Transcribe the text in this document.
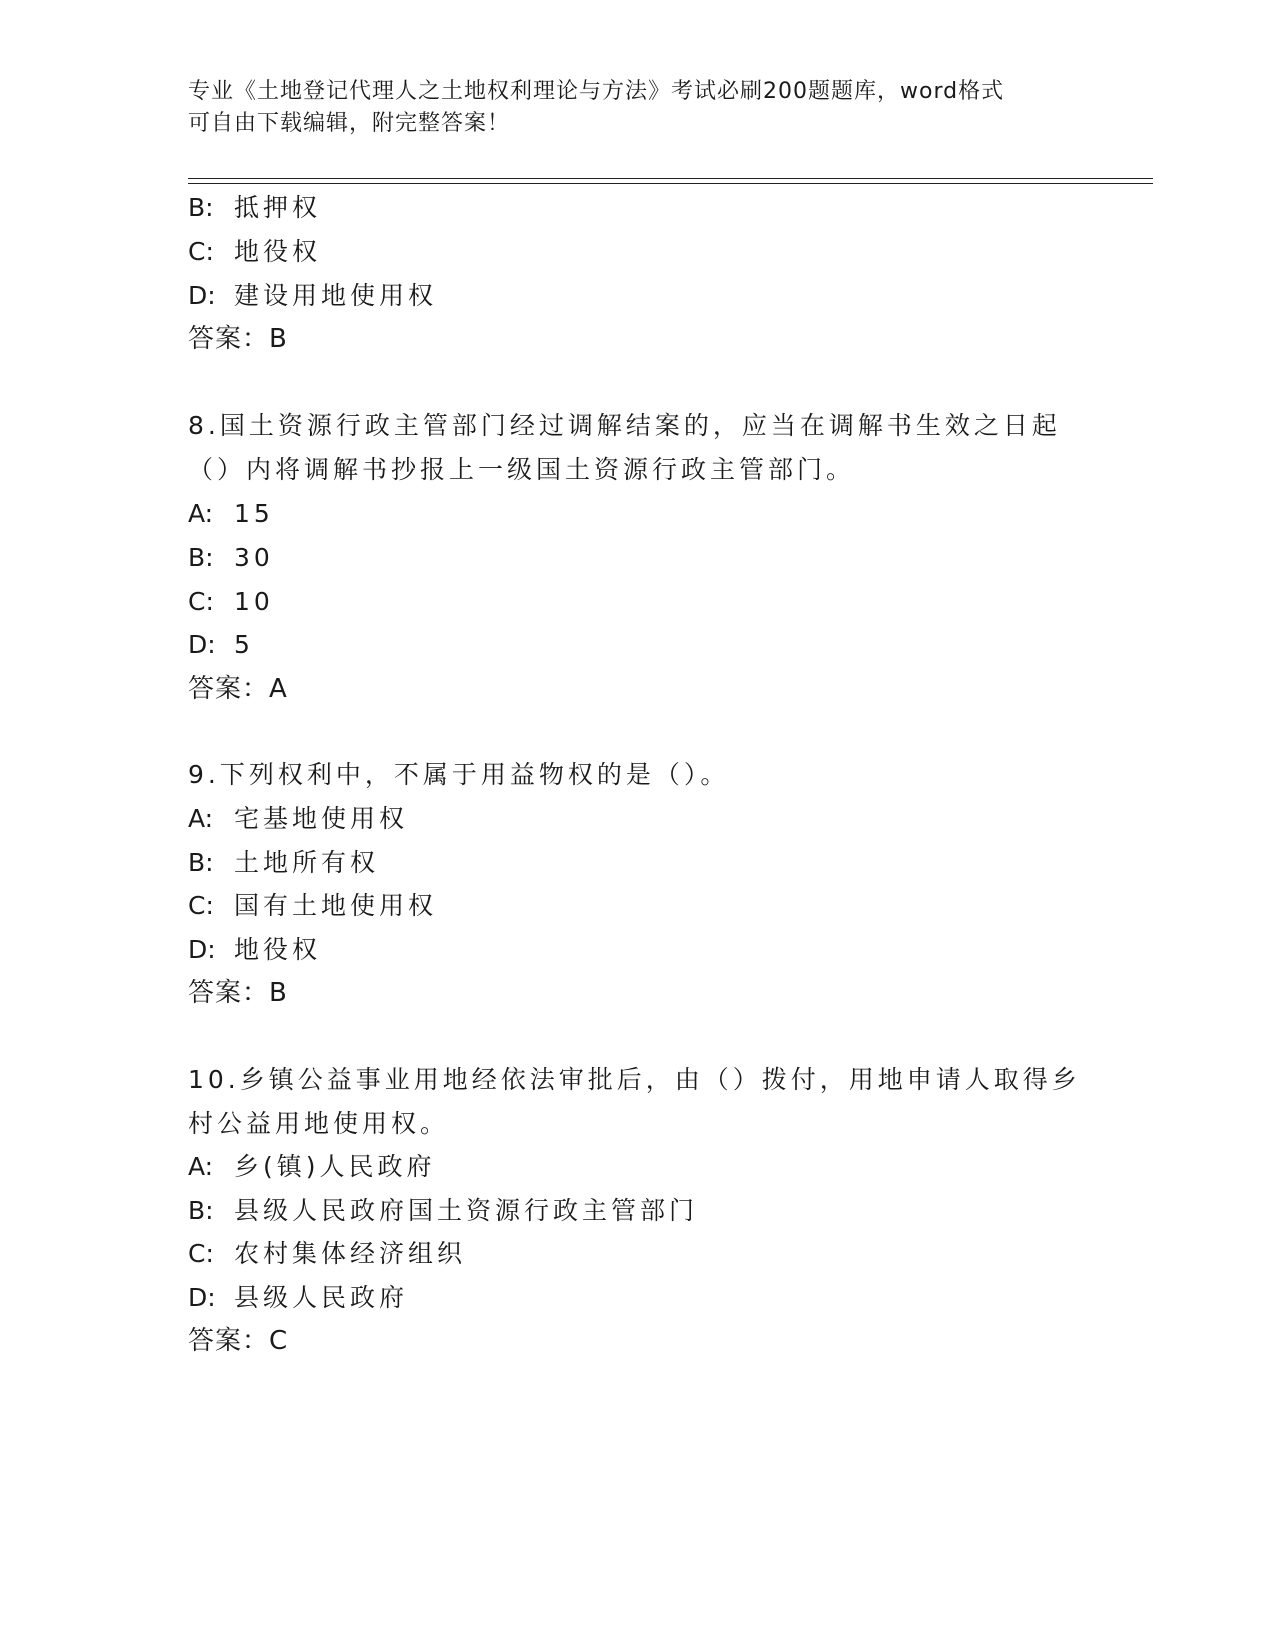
专业《土地登记代理人之土地权利理论与方法》考试必刷200题题库，word格式
可自由下载编辑，附完整答案！
B: 抵押权
C: 地役权
D: 建设用地使用权
答案：B
8.国土资源行政主管部门经过调解结案的，应当在调解书生效之日起
（）内将调解书抄报上一级国土资源行政主管部门。
A: 15
B: 30
C: 10
D: 5
答案：A
9.下列权利中，不属于用益物权的是（）。
A: 宅基地使用权
B: 土地所有权
C: 国有土地使用权
D: 地役权
答案：B
10.乡镇公益事业用地经依法审批后，由（）拨付，用地申请人取得乡
村公益用地使用权。
A: 乡(镇)人民政府
B: 县级人民政府国土资源行政主管部门
C: 农村集体经济组织
D: 县级人民政府
答案：C
